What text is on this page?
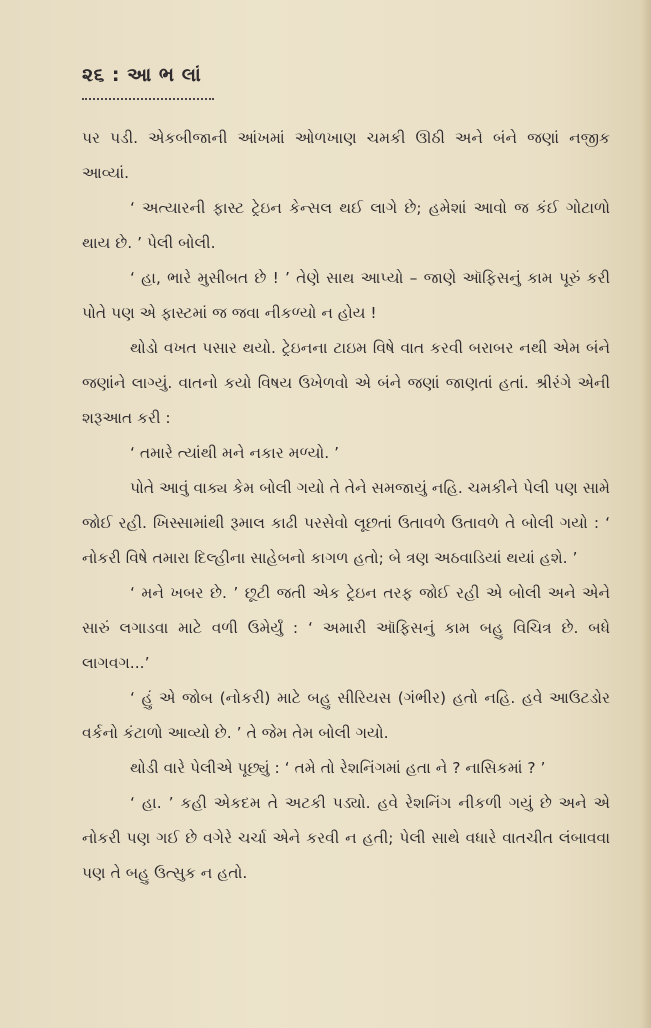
૨૬ : આ ભ લાં

પર પડી. એકબીજાની આંખમાં ઓળખાણ ચમકી ઊઠી અને બંને જણાં નજીક આવ્યાં.

‘ અત્યારની ફાસ્ટ ટ્રેઇન કેન્સલ થઈ લાગે છે; હમેશાં આવો જ કંઈ ગોટાળો થાય છે. ’ પેલી બોલી.

‘ હા, ભારે મુસીબત છે ! ’ તેણે સાથ આપ્યો – જાણે ઑફિસનું કામ પૂરું કરી પોતે પણ એ ફાસ્ટમાં જ જવા નીકળ્યો ન હોય !

થોડો વખત પસાર થયો. ટ્રેઇનના ટાઇમ વિષે વાત કરવી બરાબર નથી એમ બંને જણાંને લાગ્યું. વાતનો કયો વિષય ઉખેળવો એ બંને જણાં જાણતાં હતાં. શ્રીરંગે એની શરૂઆત કરી :

‘ તમારે ત્યાંથી મને નકાર મળ્યો. ’

પોતે આવું વાક્ય કેમ બોલી ગયો તે તેને સમજાયું નહિ. ચમકીને પેલી પણ સામે જોઈ રહી. ખિસ્સામાંથી રૂમાલ કાઢી પરસેવો લૂછતાં ઉતાવળે ઉતાવળે તે બોલી ગયો : ‘ નોકરી વિષે તમારા દિલ્હીના સાહેબનો કાગળ હતો; બે ત્રણ અઠવાડિયાં થયાં હશે. ’

‘ મને ખબર છે. ’ છૂટી જતી એક ટ્રેઇન તરફ જોઈ રહી એ બોલી અને એને સારું લગાડવા માટે વળી ઉમેર્યું : ‘ અમારી ઑફિસનું કામ બહુ વિચિત્ર છે. બધે લાગવગ...’

‘ હું એ જોબ (નોકરી) માટે બહુ સીરિયસ (ગંભીર) હતો નહિ. હવે આઉટડોર વર્કનો કંટાળો આવ્યો છે. ’ તે જેમ તેમ બોલી ગયો.

થોડી વારે પેલીએ પૂછ્યું : ‘ તમે તો રેશનિંગમાં હતા ને ? નાસિકમાં ? ’

‘ હા. ’ કહી એકદમ તે અટકી પડ્યો. હવે રેશનિંગ નીકળી ગયું છે અને એ નોકરી પણ ગઈ છે વગેરે ચર્ચા એને કરવી ન હતી; પેલી સાથે વધારે વાતચીત લંબાવવા પણ તે બહુ ઉત્સુક ન હતો.
